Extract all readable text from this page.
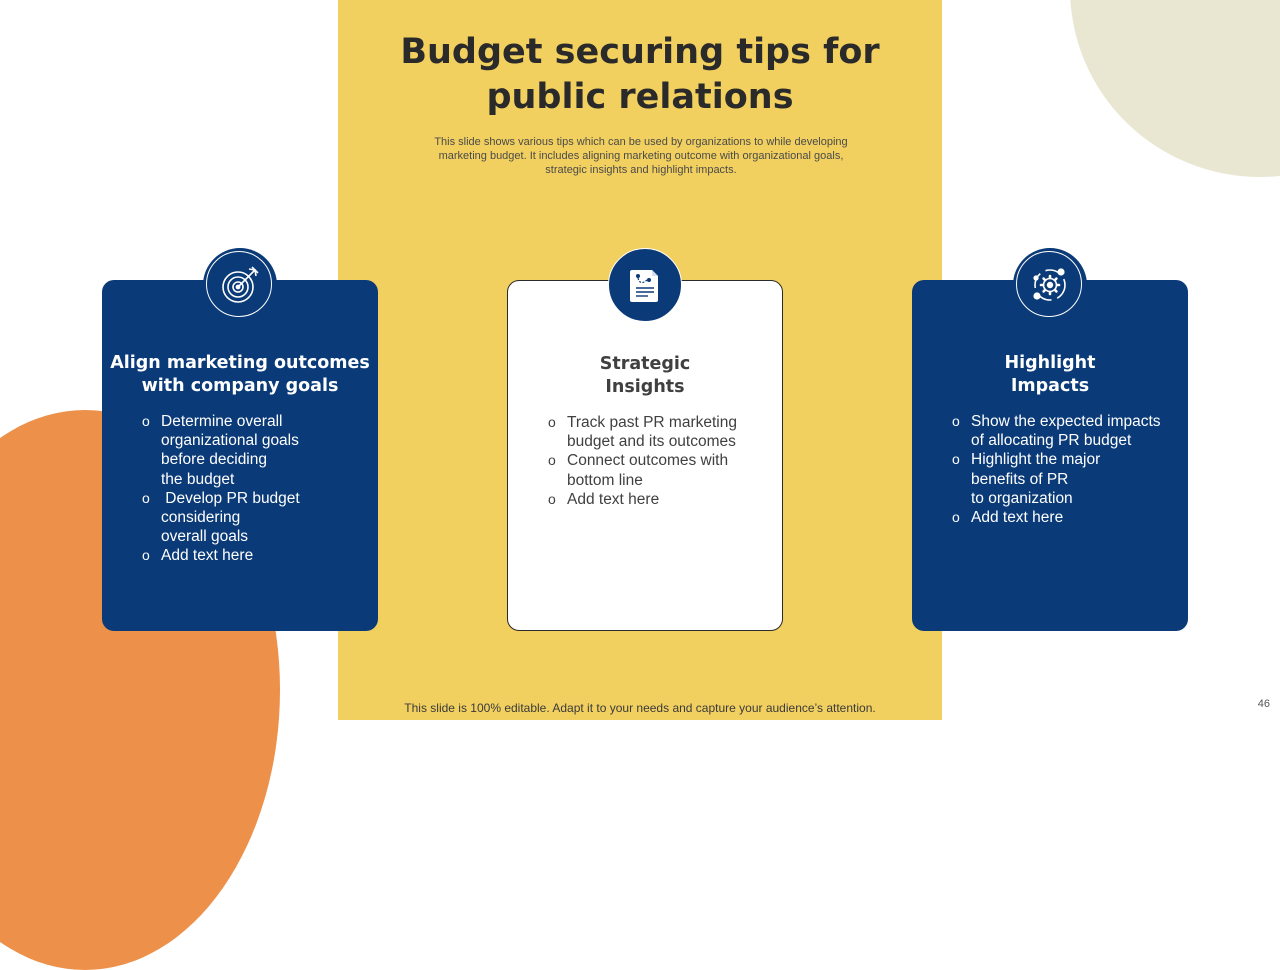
Budget securing tips for
public relations

This slide shows various tips which can be used by organizations to while developing
marketing budget. It includes aligning marketing outcome with organizational goals,
strategic insights and highlight impacts.

Align marketing outcomes
with company goals
o Determine overall
organizational goals
before deciding
the budget
o  Develop PR budget
considering
overall goals
o Add text here
Strategic
Insights
o Track past PR marketing
budget and its outcomes
o Connect outcomes with
bottom line
o Add text here
Highlight
Impacts
o Show the expected impacts
of allocating PR budget
o Highlight the major
benefits of PR
to organization
o Add text here

This slide is 100% editable. Adapt it to your needs and capture your audience’s attention.	46
